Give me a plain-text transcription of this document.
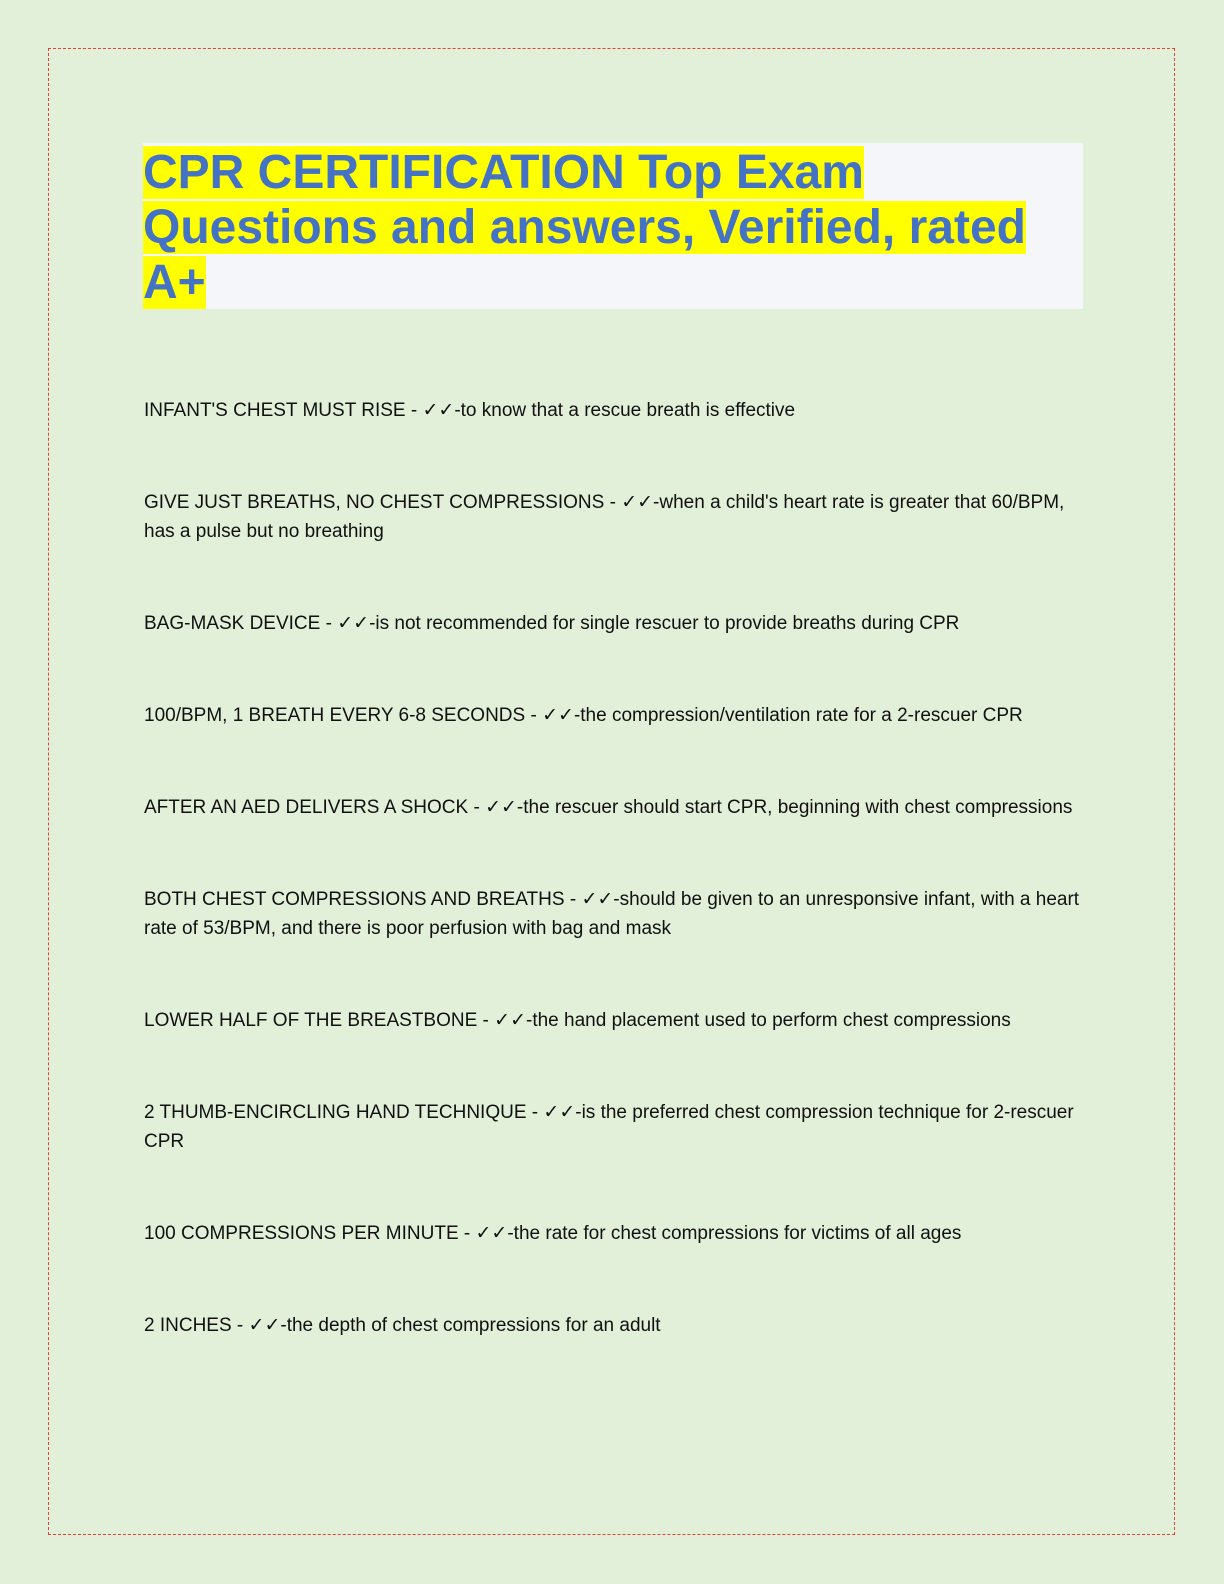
CPR CERTIFICATION Top Exam Questions and answers, Verified, rated A+
INFANT'S CHEST MUST RISE - ✓✓-to know that a rescue breath is effective
GIVE JUST BREATHS, NO CHEST COMPRESSIONS - ✓✓-when a child's heart rate is greater that 60/BPM, has a pulse but no breathing
BAG-MASK DEVICE - ✓✓-is not recommended for single rescuer to provide breaths during CPR
100/BPM, 1 BREATH EVERY 6-8 SECONDS - ✓✓-the compression/ventilation rate for a 2-rescuer CPR
AFTER AN AED DELIVERS A SHOCK - ✓✓-the rescuer should start CPR, beginning with chest compressions
BOTH CHEST COMPRESSIONS AND BREATHS - ✓✓-should be given to an unresponsive infant, with a heart rate of 53/BPM, and there is poor perfusion with bag and mask
LOWER HALF OF THE BREASTBONE - ✓✓-the hand placement used to perform chest compressions
2 THUMB-ENCIRCLING HAND TECHNIQUE - ✓✓-is the preferred chest compression technique for 2-rescuer CPR
100 COMPRESSIONS PER MINUTE - ✓✓-the rate for chest compressions for victims of all ages
2 INCHES - ✓✓-the depth of chest compressions for an adult
